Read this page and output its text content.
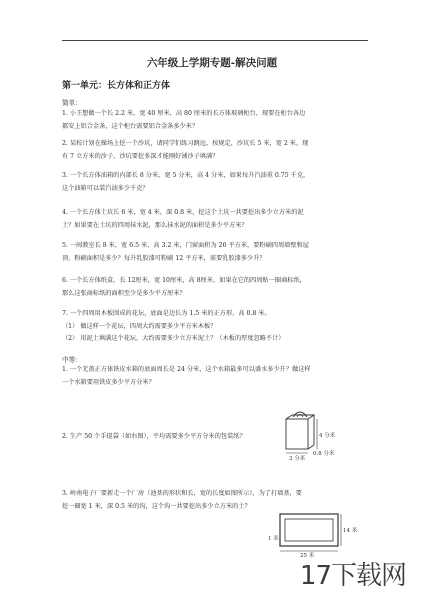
六年级上学期专题-解决问题
第一单元：长方体和正方体
简单：
1. 小王想做一个长 2.2 米，宽 40 厘米，高 80 厘米的长方体玻璃柜台，现要在柜台各边
都安上铝合金条，这个柜台需要铝合金条多少米？
2. 某校计划在操场上挖一个沙坑，请同学们练习跳远，按规定，沙坑长 5 米，宽 2 米，现
有 7 立方米的沙子，沙坑要挖多深才能刚好铺沙子填满？
3. 一个长方体油箱的内部长 8 分米，宽 5 分米，高 4 分米，如果每升汽油重 0.75 千克，
这个油箱可以装汽油多少千克？
4. 一个长方体土坑长 6 米，宽 4 米，深 0.8 米，挖这个土坑一共要挖出多少立方米的泥
土？如果要在土坑的四周抹水泥，那么抹水泥的面积是多少平方米？
5. 一间教室长 8 米，宽 6.5 米，高 3.2 米，门窗面积为 26 平方米，要粉刷四周墙壁和屋
顶，粉刷面积是多少？每升乳胶漆可粉刷 12 平方米，需要乳胶漆多少升？
6. 一个长方体纸盒，长 12厘米，宽 10厘米，高 8厘米，如果在它的四周贴一圈商标纸，
那么这张商标纸的面积至少是多少平方厘米？
7. 一个四周用木板围成的花坛，底面是边长为 1.5 米的正方形，高 0.8 米。
（1） 做这样一个花坛，四周大约需要多少平方米木板？
（2） 用泥土填满这个花坛，大约需要多少立方米泥土？（木板的厚度忽略不计）
中等：
1. 一个无盖正方体铁皮水箱的底面周长是 24 分米，这个水箱最多可以盛水多少升？做这样
一个水箱要用铁皮多少平方分米？
2. 生产 50 个手提袋（如右图），平均需要多少平方分米的包装纸？
3. 岭南电子厂要新走一个厂房（池基的形状和长，宽的长度如图所示），为了打墙基，要
挖一圈宽 1 米，深 0.5 米的沟，这个沟一共要挖出多少立方米的土？
4 分米
3 分米
0.8 分米
14 米
25 米
1 米
17下载网
